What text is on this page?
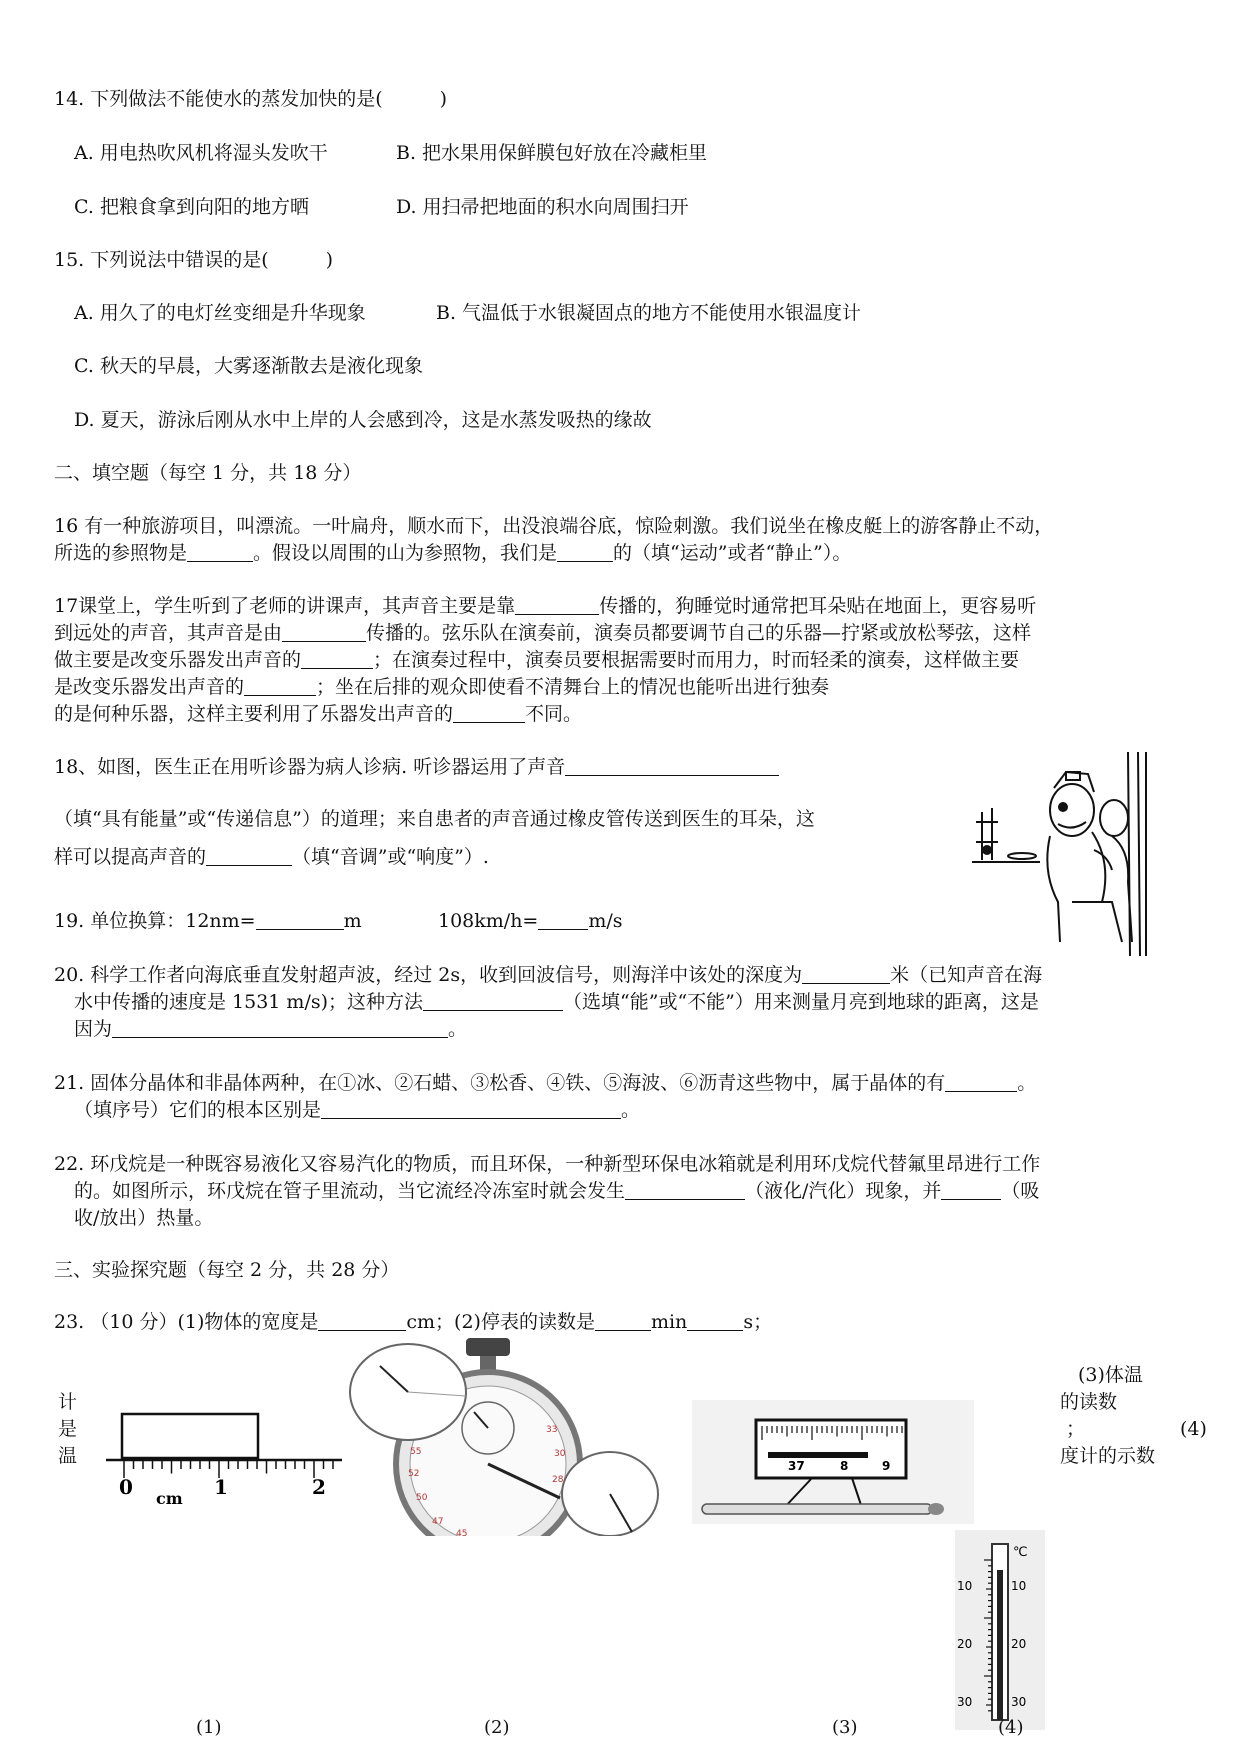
14. 下列做法不能使水的蒸发加快的是(　　　)
A. 用电热吹风机将湿头发吹干	B. 把水果用保鲜膜包好放在冷藏柜里
C. 把粮食拿到向阳的地方晒	D. 用扫帚把地面的积水向周围扫开
15. 下列说法中错误的是(　　　)
A. 用久了的电灯丝变细是升华现象	B. 气温低于水银凝固点的地方不能使用水银温度计
C. 秋天的早晨，大雾逐渐散去是液化现象
D. 夏天，游泳后刚从水中上岸的人会感到冷，这是水蒸发吸热的缘故
二、填空题（每空 1 分，共 18 分）
16 有一种旅游项目，叫漂流。一叶扁舟，顺水而下，出没浪端谷底，惊险刺激。我们说坐在橡皮艇上的游客静止不动，
所选的参照物是	。假设以周围的山为参照物，我们是	的（填“运动”或者“静止”）。
17课堂上，学生听到了老师的讲课声，其声音主要是靠	传播的，狗睡觉时通常把耳朵贴在地面上，更容易听
到远处的声音，其声音是由	传播的。弦乐队在演奏前，演奏员都要调节自己的乐器—拧紧或放松琴弦，这样
做主要是改变乐器发出声音的	；在演奏过程中，演奏员要根据需要时而用力，时而轻柔的演奏，这样做主要
是改变乐器发出声音的	；坐在后排的观众即使看不清舞台上的情况也能听出进行独奏
的是何种乐器，这样主要利用了乐器发出声音的	不同。
18、如图，医生正在用听诊器为病人诊病. 听诊器运用了声音
（填“具有能量”或“传递信息”）的道理；来自患者的声音通过橡皮管传送到医生的耳朵，这
样可以提高声音的	（填“音调”或“响度”）.
19. 单位换算：12nm=	m	108km/h=	m/s
20. 科学工作者向海底垂直发射超声波，经过 2s，收到回波信号，则海洋中该处的深度为	米（已知声音在海
水中传播的速度是 1531 m/s)；这种方法	（选填“能”或“不能”）用来测量月亮到地球的距离，这是
因为	。
21. 固体分晶体和非晶体两种，在①冰、②石蜡、③松香、④铁、⑤海波、⑥沥青这些物中，属于晶体的有	。
（填序号）它们的根本区别是	。
22. 环戊烷是一种既容易液化又容易汽化的物质，而且环保，一种新型环保电冰箱就是利用环戊烷代替氟里昂进行工作
的。如图所示，环戊烷在管子里流动，当它流经冷冻室时就会发生	（液化/汽化）现象，并	（吸
收/放出）热量。
三、实验探究题（每空 2 分，共 28 分）
23. （10 分）(1)物体的宽度是	cm；(2)停表的读数是	min	s；
(3)体温
的读数
；	(4)
度计的示数
计
是
温
0	1	2
cm
55
52
50
47
45
33
30
28
37	8	9
℃
10	10
20	20
30	30
(1)	(2)	(3)	(4)
